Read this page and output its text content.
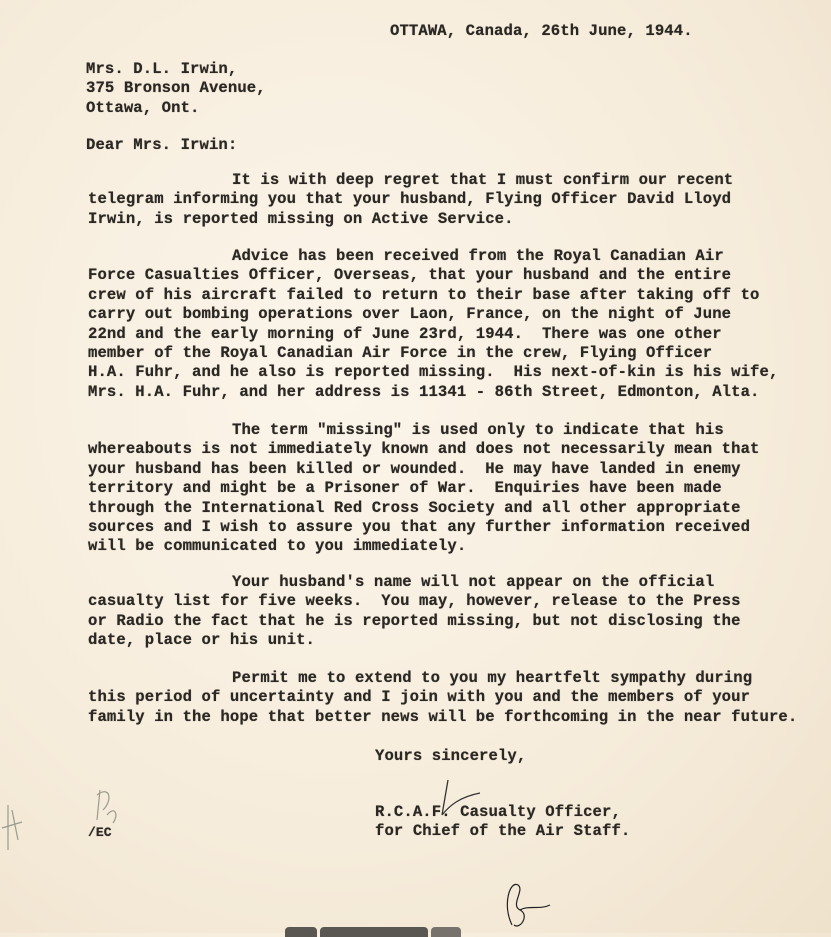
OTTAWA, Canada, 26th June, 1944.
Mrs. D.L. Irwin,
375 Bronson Avenue,
Ottawa, Ont.
Dear Mrs. Irwin:
It is with deep regret that I must confirm our recent
telegram informing you that your husband, Flying Officer David Lloyd
Irwin, is reported missing on Active Service.
Advice has been received from the Royal Canadian Air
Force Casualties Officer, Overseas, that your husband and the entire
crew of his aircraft failed to return to their base after taking off to
carry out bombing operations over Laon, France, on the night of June
22nd and the early morning of June 23rd, 1944.  There was one other
member of the Royal Canadian Air Force in the crew, Flying Officer
H.A. Fuhr, and he also is reported missing.  His next-of-kin is his wife,
Mrs. H.A. Fuhr, and her address is 11341 - 86th Street, Edmonton, Alta.
The term "missing" is used only to indicate that his
whereabouts is not immediately known and does not necessarily mean that
your husband has been killed or wounded.  He may have landed in enemy
territory and might be a Prisoner of War.  Enquiries have been made
through the International Red Cross Society and all other appropriate
sources and I wish to assure you that any further information received
will be communicated to you immediately.
Your husband's name will not appear on the official
casualty list for five weeks.  You may, however, release to the Press
or Radio the fact that he is reported missing, but not disclosing the
date, place or his unit.
Permit me to extend to you my heartfelt sympathy during
this period of uncertainty and I join with you and the members of your
family in the hope that better news will be forthcoming in the near future.
Yours sincerely,
R.C.A.F. Casualty Officer,
for Chief of the Air Staff.
/EC
